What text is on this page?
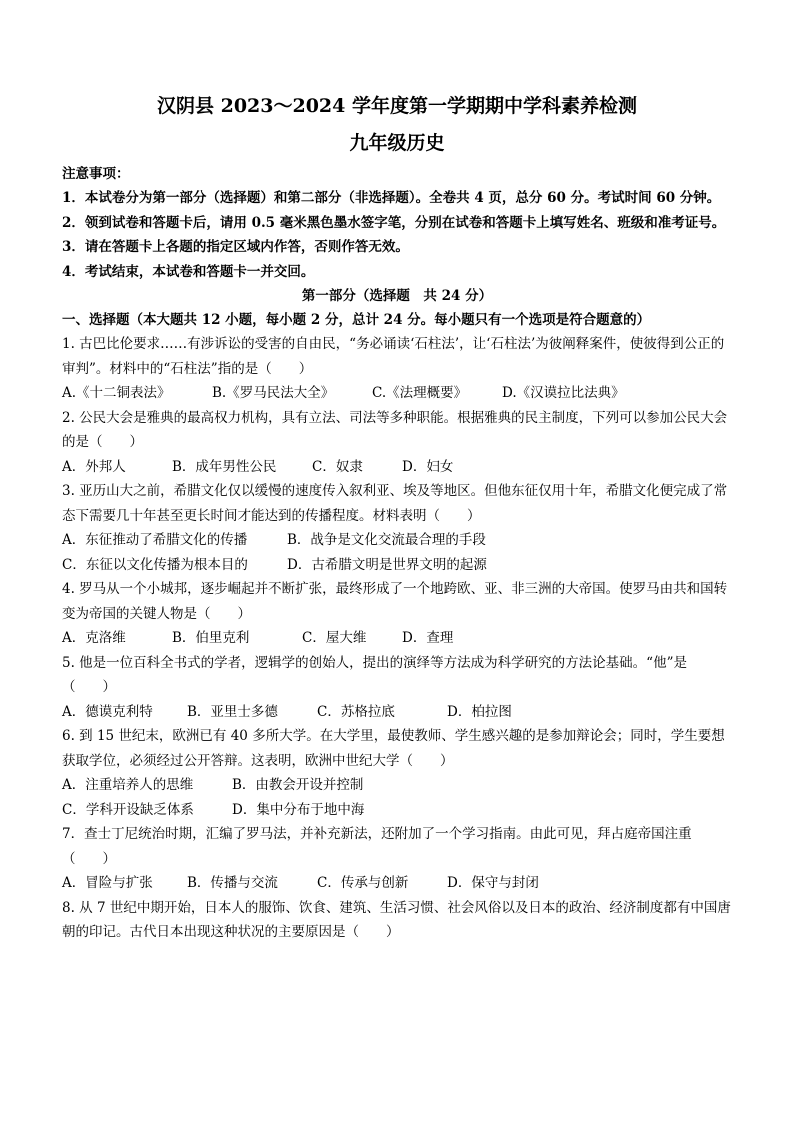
汉阴县 2023～2024 学年度第一学期期中学科素养检测
九年级历史
注意事项：
1．本试卷分为第一部分（选择题）和第二部分（非选择题）。全卷共 4 页，总分 60 分。考试时间 60 分钟。
2．领到试卷和答题卡后，请用 0.5 毫米黑色墨水签字笔，分别在试卷和答题卡上填写姓名、班级和准考证号。
3．请在答题卡上各题的指定区域内作答，否则作答无效。
4．考试结束，本试卷和答题卡一并交回。
第一部分（选择题　共 24 分）
一、选择题（本大题共 12 小题，每小题 2 分，总计 24 分。每小题只有一个选项是符合题意的）

1. 古巴比伦要求……有涉诉讼的受害的自由民，“务必诵读‘石柱法’，让‘石柱法’为彼阐释案件，使彼得到公正的审判”。材料中的“石柱法”指的是（　　）

A.《十二铜表法》	B.《罗马民法大全》	C.《法理概要》	D.《汉谟拉比法典》

2. 公民大会是雅典的最高权力机构，具有立法、司法等多种职能。根据雅典的民主制度，下列可以参加公民大会的是（　　）

A．外邦人	B．成年男性公民	C．奴隶	D．妇女

3. 亚历山大之前，希腊文化仅以缓慢的速度传入叙利亚、埃及等地区。但他东征仅用十年，希腊文化便完成了常态下需要几十年甚至更长时间才能达到的传播程度。材料表明（　　）

A．东征推动了希腊文化的传播	B．战争是文化交流最合理的手段
C．东征以文化传播为根本目的	D．古希腊文明是世界文明的起源

4. 罗马从一个小城邦，逐步崛起并不断扩张，最终形成了一个地跨欧、亚、非三洲的大帝国。使罗马由共和国转变为帝国的关键人物是（　　）

A．克洛维	B．伯里克利	C．屋大维	D．查理

5. 他是一位百科全书式的学者，逻辑学的创始人，提出的演绎等方法成为科学研究的方法论基础。“他”是（　　）

A．德谟克利特	B．亚里士多德	C．苏格拉底	D．柏拉图

6. 到 15 世纪末，欧洲已有 40 多所大学。在大学里，最使教师、学生感兴趣的是参加辩论会；同时，学生要想获取学位，必须经过公开答辩。这表明，欧洲中世纪大学（　　）

A．注重培养人的思维	B．由教会开设并控制
C．学科开设缺乏体系	D．集中分布于地中海

7．查士丁尼统治时期，汇编了罗马法，并补充新法，还附加了一个学习指南。由此可见，拜占庭帝国注重（　　）

A．冒险与扩张	B．传播与交流	C．传承与创新	D．保守与封闭

8. 从 7 世纪中期开始，日本人的服饰、饮食、建筑、生活习惯、社会风俗以及日本的政治、经济制度都有中国唐朝的印记。古代日本出现这种状况的主要原因是（　　）
